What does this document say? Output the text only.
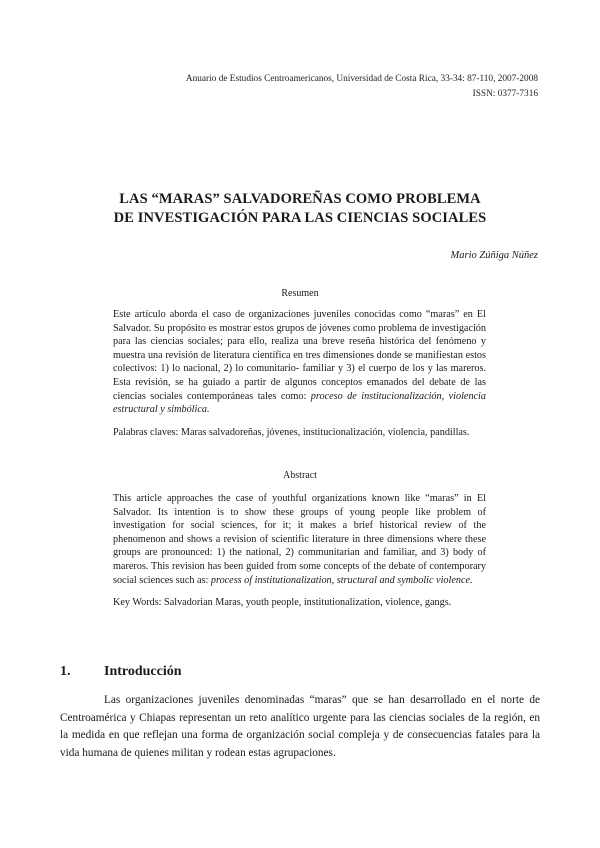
Anuario de Estudios Centroamericanos, Universidad de Costa Rica, 33-34: 87-110, 2007-2008
ISSN: 0377-7316
LAS “MARAS” SALVADOREÑAS COMO PROBLEMA
DE INVESTIGACIÓN PARA LAS CIENCIAS SOCIALES
Mario Zúñiga Núñez
Resumen

Este artículo aborda el caso de organizaciones juveniles conocidas como “maras” en El Salvador. Su propósito es mostrar estos grupos de jóvenes como problema de investigación para las ciencias sociales; para ello, realiza una breve reseña histórica del fenómeno y muestra una revisión de literatura científica en tres dimensiones donde se manifiestan estos colectivos: 1) lo nacional, 2) lo comunitario- familiar y 3) el cuerpo de los y las mareros. Esta revisión, se ha guiado a partir de algunos conceptos emanados del debate de las ciencias sociales contemporáneas tales como: proceso de institucionalización, violencia estructural y simbólica.

Palabras claves: Maras salvadoreñas, jóvenes, institucionalización, violencia, pandillas.

Abstract

This article approaches the case of youthful organizations known like “maras” in El Salvador. Its intention is to show these groups of young people like problem of investigation for social sciences, for it; it makes a brief historical review of the phenomenon and shows a revision of scientific literature in three dimensions where these groups are pronounced: 1) the national, 2) communitarian and familiar, and 3) body of mareros. This revision has been guided from some concepts of the debate of contemporary social sciences such as: process of institutionalization, structural and symbolic violence.

Key Words: Salvadorian Maras, youth people, institutionalization, violence, gangs.

1. Introducción

Las organizaciones juveniles denominadas “maras” que se han desarrollado en el norte de Centroamérica y Chiapas representan un reto analítico urgente para las ciencias sociales de la región, en la medida en que reflejan una forma de organización social compleja y de consecuencias fatales para la vida humana de quienes militan y rodean estas agrupaciones.
